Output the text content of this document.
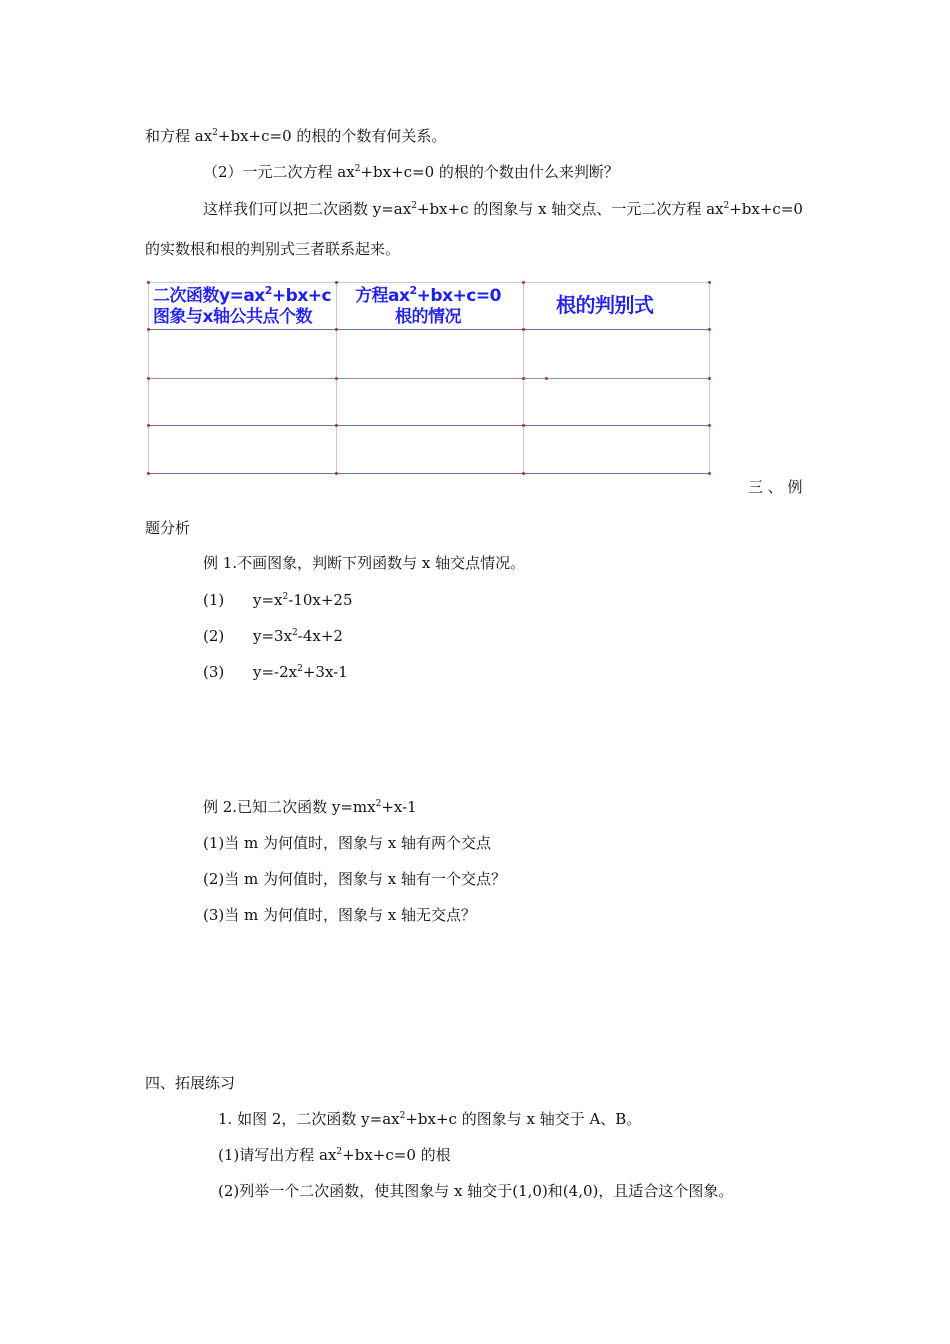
和方程 $ax^2+bx+c=0$ 的根的个数有何关系。
（2）一元二次方程 $ax^2+bx+c=0$ 的根的个数由什么来判断？
这样我们可以把二次函数 $y=ax^2+bx+c$ 的图象与 x 轴交点、一元二次方程 $ax^2+bx+c=0$
的实数根和根的判别式三者联系起来。
二次函数$y=ax^2+bx+c$
图象与x轴公共点个数
方程$ax^2+bx+c=0$
根的情况	根的判别式
三 、 例
题分析
例 1.不画图象，判断下列函数与 x 轴交点情况。
(1) $y=x^2-10x+25$
(2) $y=3x^2-4x+2$
(3) $y=-2x^2+3x-1$
例 2.已知二次函数 $y=mx^2+x-1$
(1)当 m 为何值时，图象与 x 轴有两个交点
(2)当 m 为何值时，图象与 x 轴有一个交点？
(3)当 m 为何值时，图象与 x 轴无交点？
四、拓展练习
1. 如图 2，二次函数 $y=ax^2+bx+c$ 的图象与 x 轴交于 A、B。
(1)请写出方程 $ax^2+bx+c=0$ 的根
(2)列举一个二次函数，使其图象与 x 轴交于(1,0)和(4,0)，且适合这个图象。
